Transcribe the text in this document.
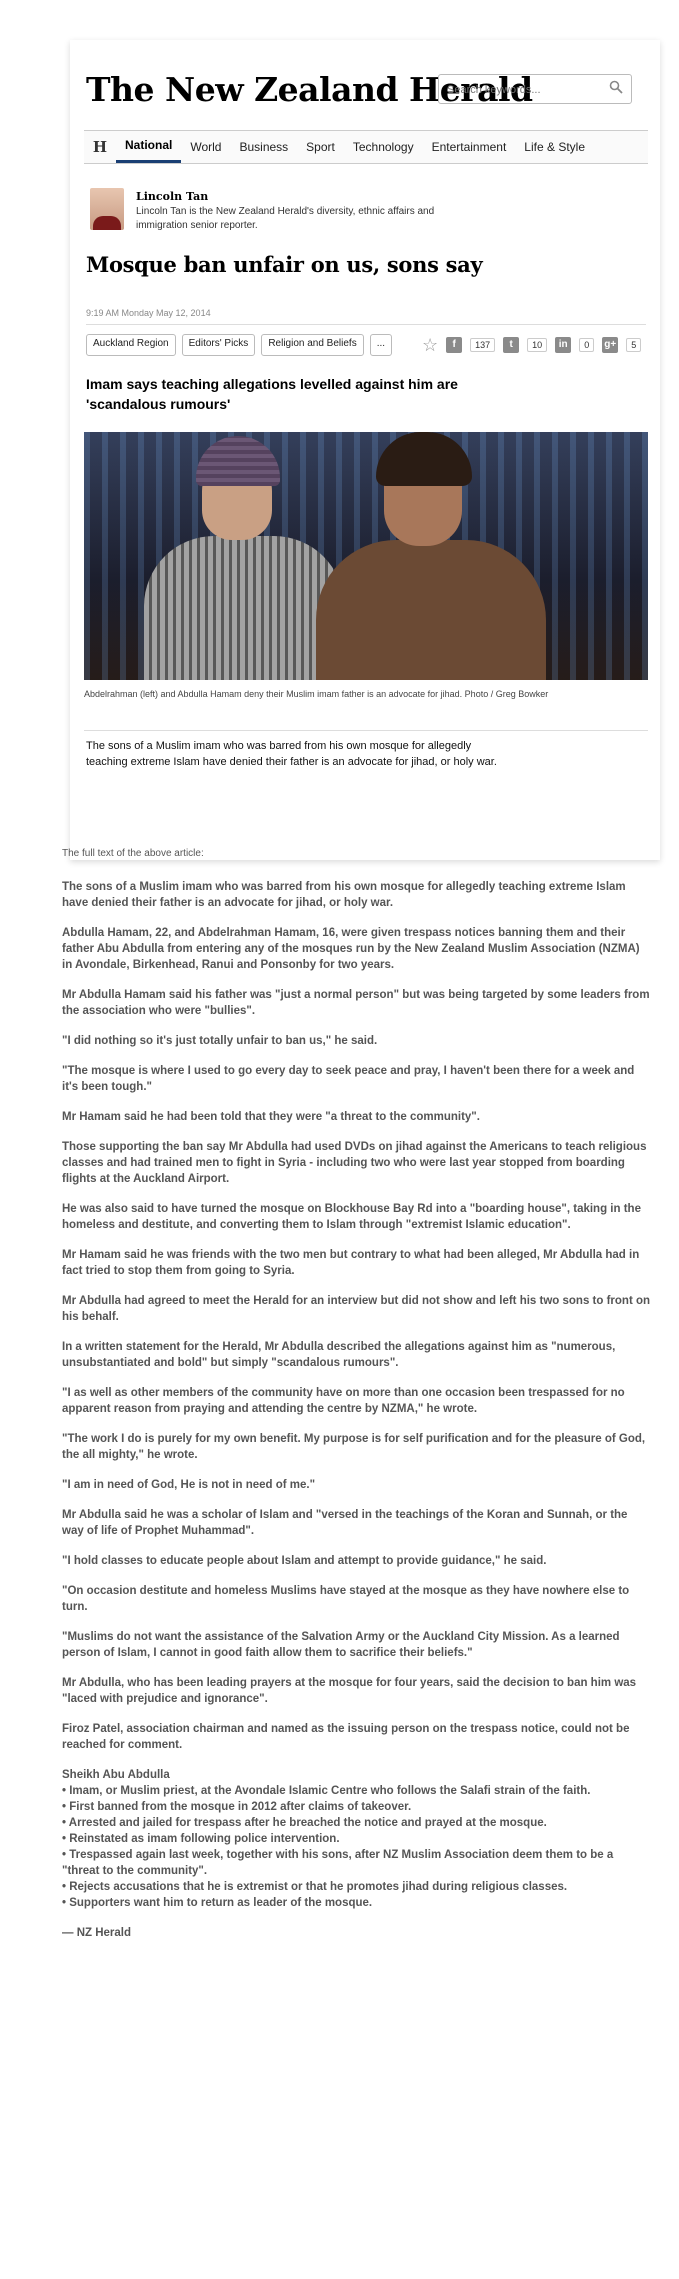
The New Zealand Herald
Search keywords...
H	National	World	Business	Sport	Technology	Entertainment	Life & Style
Lincoln Tan
Lincoln Tan is the New Zealand Herald's diversity, ethnic affairs and immigration senior reporter.
Mosque ban unfair on us, sons say
9:19 AM Monday May 12, 2014
Auckland Region	Editors' Picks	Religion and Beliefs	...	☆	f	137	t	10	in	0	g+	5
Imam says teaching allegations levelled against him are 'scandalous rumours'
Abdelrahman (left) and Abdulla Hamam deny their Muslim imam father is an advocate for jihad. Photo / Greg Bowker
The sons of a Muslim imam who was barred from his own mosque for allegedly teaching extreme Islam have denied their father is an advocate for jihad, or holy war.
The full text of the above article:

The sons of a Muslim imam who was barred from his own mosque for allegedly teaching extreme Islam have denied their father is an advocate for jihad, or holy war.

Abdulla Hamam, 22, and Abdelrahman Hamam, 16, were given trespass notices banning them and their father Abu Abdulla from entering any of the mosques run by the New Zealand Muslim Association (NZMA) in Avondale, Birkenhead, Ranui and Ponsonby for two years.

Mr Abdulla Hamam said his father was "just a normal person" but was being targeted by some leaders from the association who were "bullies".

"I did nothing so it's just totally unfair to ban us," he said.

"The mosque is where I used to go every day to seek peace and pray, I haven't been there for a week and it's been tough."

Mr Hamam said he had been told that they were "a threat to the community".

Those supporting the ban say Mr Abdulla had used DVDs on jihad against the Americans to teach religious classes and had trained men to fight in Syria - including two who were last year stopped from boarding flights at the Auckland Airport.

He was also said to have turned the mosque on Blockhouse Bay Rd into a "boarding house", taking in the homeless and destitute, and converting them to Islam through "extremist Islamic education".

Mr Hamam said he was friends with the two men but contrary to what had been alleged, Mr Abdulla had in fact tried to stop them from going to Syria.

Mr Abdulla had agreed to meet the Herald for an interview but did not show and left his two sons to front on his behalf.

In a written statement for the Herald, Mr Abdulla described the allegations against him as "numerous, unsubstantiated and bold" but simply "scandalous rumours".

"I as well as other members of the community have on more than one occasion been trespassed for no apparent reason from praying and attending the centre by NZMA," he wrote.

"The work I do is purely for my own benefit. My purpose is for self purification and for the pleasure of God, the all mighty," he wrote.

"I am in need of God, He is not in need of me."

Mr Abdulla said he was a scholar of Islam and "versed in the teachings of the Koran and Sunnah, or the way of life of Prophet Muhammad".

"I hold classes to educate people about Islam and attempt to provide guidance," he said.

"On occasion destitute and homeless Muslims have stayed at the mosque as they have nowhere else to turn.

"Muslims do not want the assistance of the Salvation Army or the Auckland City Mission. As a learned person of Islam, I cannot in good faith allow them to sacrifice their beliefs."

Mr Abdulla, who has been leading prayers at the mosque for four years, said the decision to ban him was "laced with prejudice and ignorance".

Firoz Patel, association chairman and named as the issuing person on the trespass notice, could not be reached for comment.

Sheikh Abu Abdulla
• Imam, or Muslim priest, at the Avondale Islamic Centre who follows the Salafi strain of the faith.
• First banned from the mosque in 2012 after claims of takeover.
• Arrested and jailed for trespass after he breached the notice and prayed at the mosque.
• Reinstated as imam following police intervention.
• Trespassed again last week, together with his sons, after NZ Muslim Association deem them to be a "threat to the community".
• Rejects accusations that he is extremist or that he promotes jihad during religious classes.
• Supporters want him to return as leader of the mosque.

— NZ Herald
